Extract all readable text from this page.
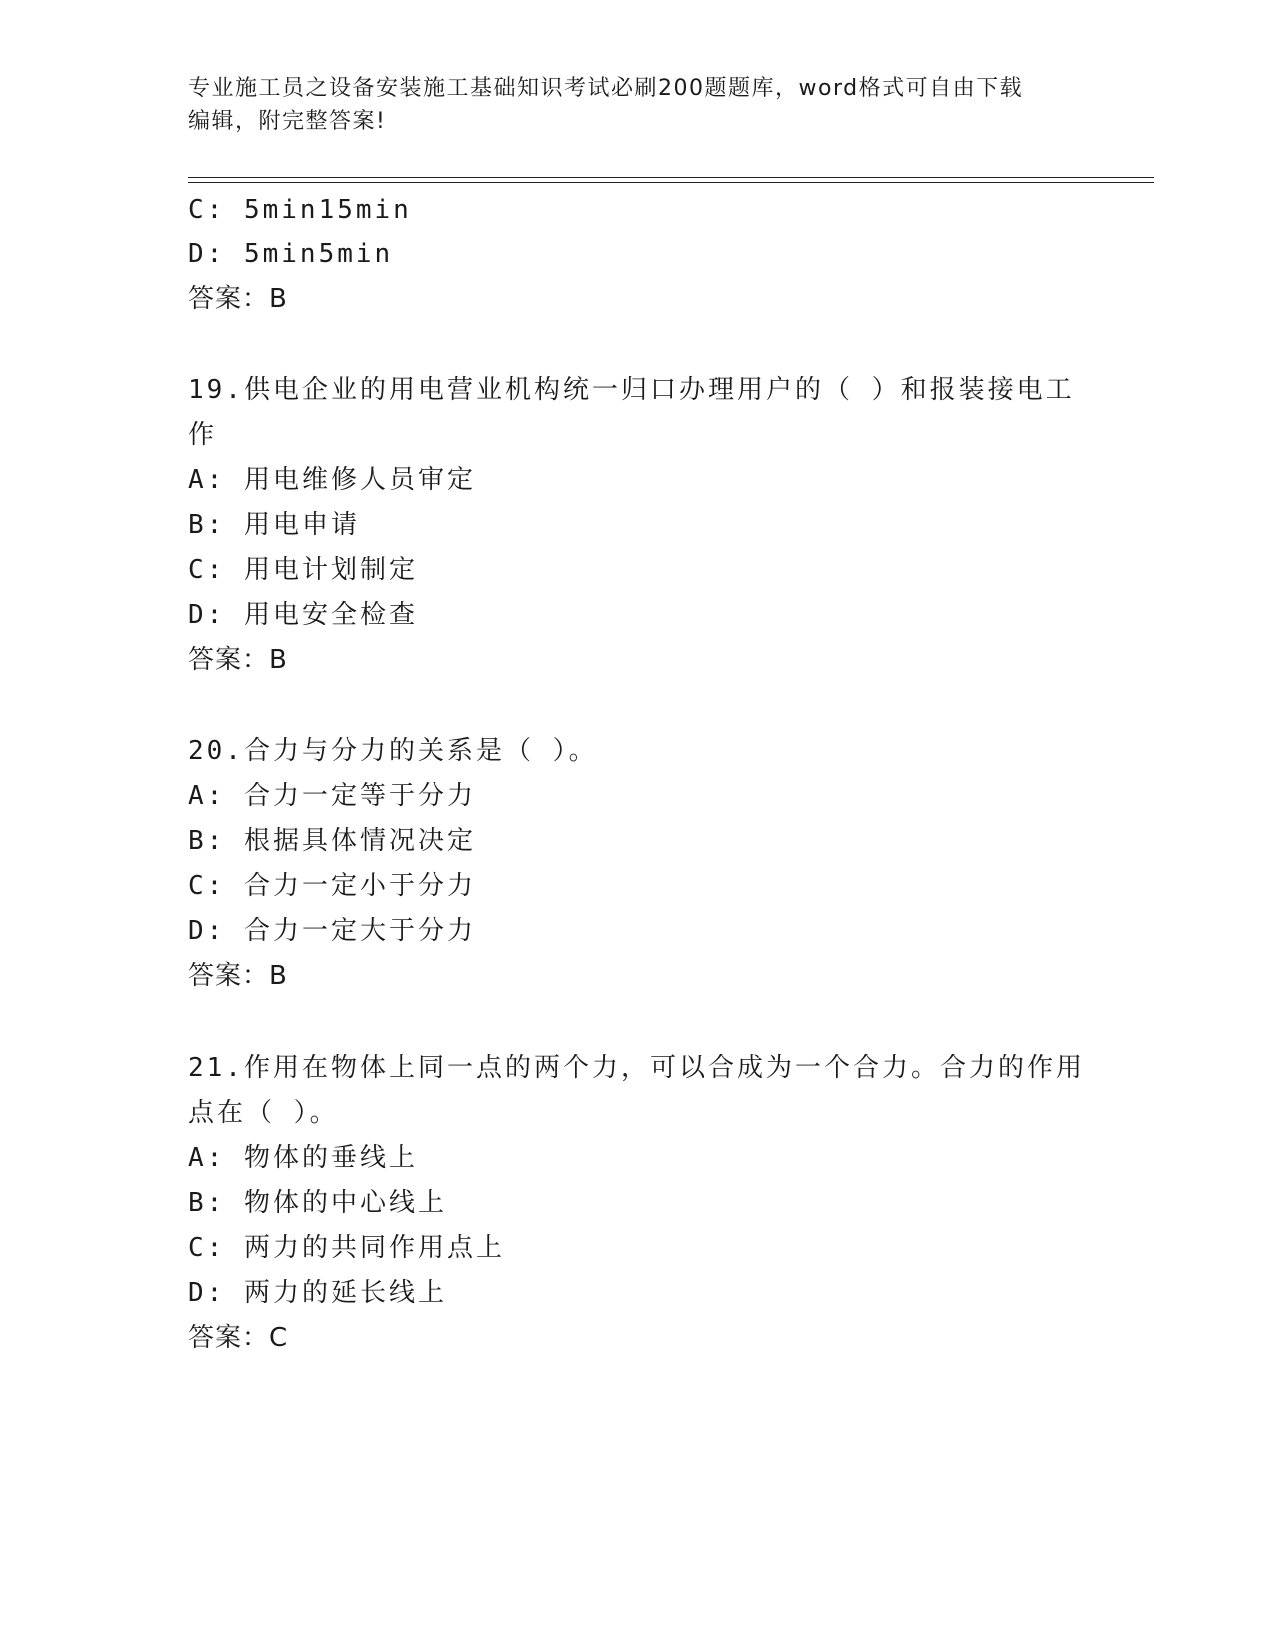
专业施工员之设备安装施工基础知识考试必刷200题题库，word格式可自由下载
编辑，附完整答案!
C: 5min15min
D: 5min5min
答案：B
19.供电企业的用电营业机构统一归口办理用户的（ ）和报装接电工
作
A: 用电维修人员审定
B: 用电申请
C: 用电计划制定
D: 用电安全检查
答案：B
20.合力与分力的关系是（ ）。
A: 合力一定等于分力
B: 根据具体情况决定
C: 合力一定小于分力
D: 合力一定大于分力
答案：B
21.作用在物体上同一点的两个力，可以合成为一个合力。合力的作用
点在（ ）。
A: 物体的垂线上
B: 物体的中心线上
C: 两力的共同作用点上
D: 两力的延长线上
答案：C
